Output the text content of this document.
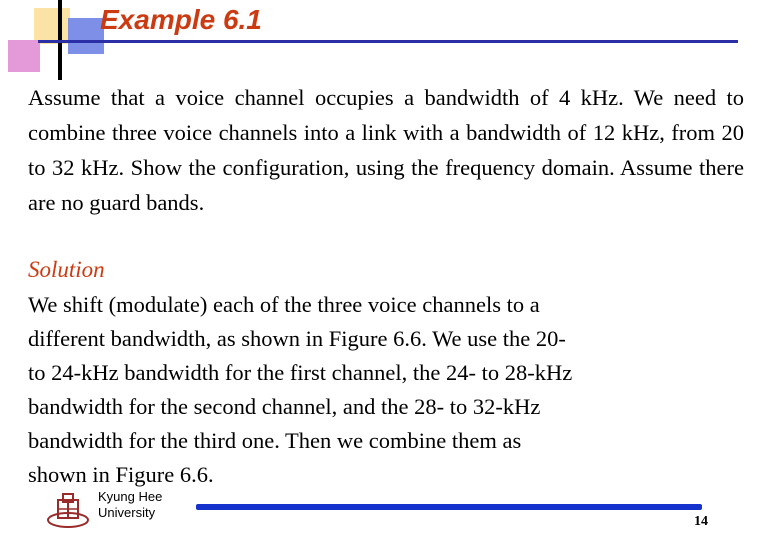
Example 6.1
Assume that a voice channel occupies a bandwidth of 4 kHz. We need to combine three voice channels into a link with a bandwidth of 12 kHz, from 20 to 32 kHz. Show the configuration, using the frequency domain. Assume there are no guard bands.
Solution
We shift (modulate) each of the three voice channels to a
different bandwidth, as shown in Figure 6.6. We use the 20-
to 24-kHz bandwidth for the first channel, the 24- to 28-kHz
bandwidth for the second channel, and the 28- to 32-kHz
bandwidth for the third one. Then we combine them as
shown in Figure 6.6.
Kyung Hee
University
14
